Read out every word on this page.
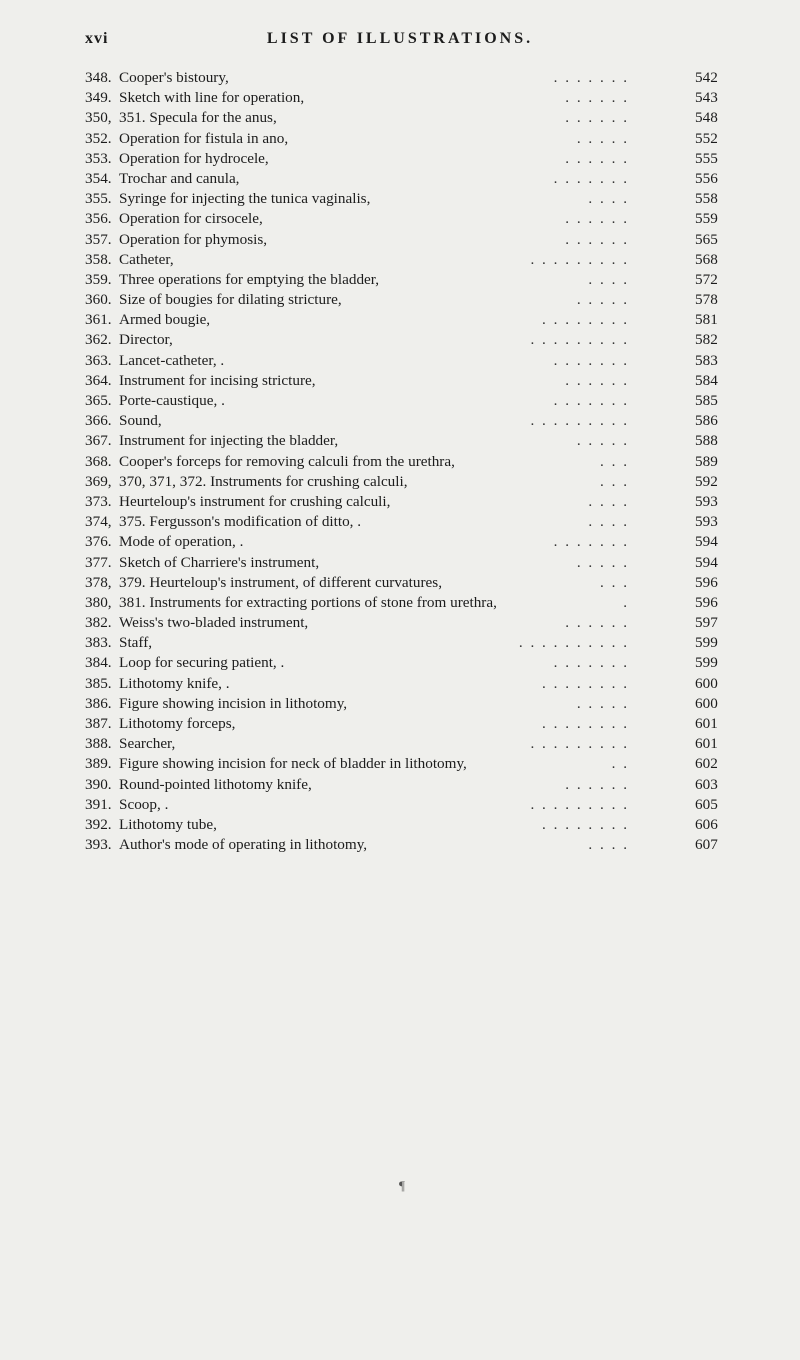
xvi	LIST OF ILLUSTRATIONS.
348. Cooper's bistoury,	. . . . . . .	542
349. Sketch with line for operation,	. . . . . .	543
350, 351. Specula for the anus,	. . . . . .	548
352. Operation for fistula in ano,	. . . . .	552
353. Operation for hydrocele,	. . . . . .	555
354. Trochar and canula,	. . . . . . .	556
355. Syringe for injecting the tunica vaginalis,	. . . .	558
356. Operation for cirsocele,	. . . . . .	559
357. Operation for phymosis,	. . . . . .	565
358. Catheter,	. . . . . . . . .	568
359. Three operations for emptying the bladder,	. . . .	572
360. Size of bougies for dilating stricture,	. . . . .	578
361. Armed bougie,	. . . . . . . .	581
362. Director,	. . . . . . . . .	582
363. Lancet-catheter, .	. . . . . . .	583
364. Instrument for incising stricture,	. . . . . .	584
365. Porte-caustique, .	. . . . . . .	585
366. Sound,	. . . . . . . . .	586
367. Instrument for injecting the bladder,	. . . . .	588
368. Cooper's forceps for removing calculi from the urethra,	. . .	589
369, 370, 371, 372. Instruments for crushing calculi,	. . .	592
373. Heurteloup's instrument for crushing calculi,	. . . .	593
374, 375. Fergusson's modification of ditto, .	. . . .	593
376. Mode of operation, .	. . . . . . .	594
377. Sketch of Charriere's instrument,	. . . . .	594
378, 379. Heurteloup's instrument, of different curvatures,	. . .	596
380, 381. Instruments for extracting portions of stone from urethra,	.	596
382. Weiss's two-bladed instrument,	. . . . . .	597
383. Staff,	. . . . . . . . . .	599
384. Loop for securing patient, .	. . . . . . .	599
385. Lithotomy knife, .	. . . . . . . .	600
386. Figure showing incision in lithotomy,	. . . . .	600
387. Lithotomy forceps,	. . . . . . . .	601
388. Searcher,	. . . . . . . . .	601
389. Figure showing incision for neck of bladder in lithotomy,	. .	602
390. Round-pointed lithotomy knife,	. . . . . .	603
391. Scoop, .	. . . . . . . . .	605
392. Lithotomy tube,	. . . . . . . .	606
393. Author's mode of operating in lithotomy,	. . . .	607
¶
